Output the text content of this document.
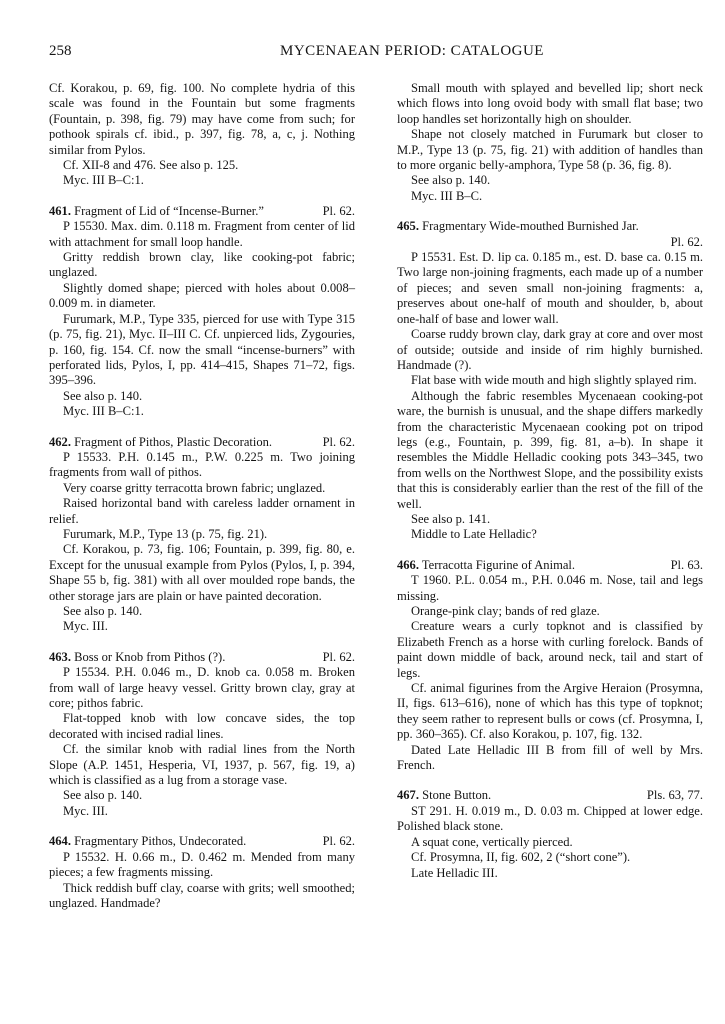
258	MYCENAEAN PERIOD: CATALOGUE

Cf. Korakou, p. 69, fig. 100. No complete hydria of this scale was found in the Fountain but some fragments (Fountain, p. 398, fig. 79) may have come from such; for pothook spirals cf. ibid., p. 397, fig. 78, a, c, j. Nothing similar from Pylos.

Cf. XII-8 and 476. See also p. 125.

Myc. III B–C:1.

461. Fragment of Lid of “Incense-Burner.”	Pl. 62.

P 15530. Max. dim. 0.118 m. Fragment from center of lid with attachment for small loop handle.

Gritty reddish brown clay, like cooking-pot fabric; unglazed.

Slightly domed shape; pierced with holes about 0.008–0.009 m. in diameter.

Furumark, M.P., Type 335, pierced for use with Type 315 (p. 75, fig. 21), Myc. II–III C. Cf. unpierced lids, Zygouries, p. 160, fig. 154. Cf. now the small “incense-burners” with perforated lids, Pylos, I, pp. 414–415, Shapes 71–72, figs. 395–396.

See also p. 140.

Myc. III B–C:1.

462. Fragment of Pithos, Plastic Decoration.	Pl. 62.

P 15533. P.H. 0.145 m., P.W. 0.225 m. Two joining fragments from wall of pithos.

Very coarse gritty terracotta brown fabric; unglazed.

Raised horizontal band with careless ladder ornament in relief.

Furumark, M.P., Type 13 (p. 75, fig. 21).

Cf. Korakou, p. 73, fig. 106; Fountain, p. 399, fig. 80, e. Except for the unusual example from Pylos (Pylos, I, p. 394, Shape 55 b, fig. 381) with all over moulded rope bands, the other storage jars are plain or have painted decoration.

See also p. 140.

Myc. III.

463. Boss or Knob from Pithos (?).	Pl. 62.

P 15534. P.H. 0.046 m., D. knob ca. 0.058 m. Broken from wall of large heavy vessel. Gritty brown clay, gray at core; pithos fabric.

Flat-topped knob with low concave sides, the top decorated with incised radial lines.

Cf. the similar knob with radial lines from the North Slope (A.P. 1451, Hesperia, VI, 1937, p. 567, fig. 19, a) which is classified as a lug from a storage vase.

See also p. 140.

Myc. III.

464. Fragmentary Pithos, Undecorated.	Pl. 62.

P 15532. H. 0.66 m., D. 0.462 m. Mended from many pieces; a few fragments missing.

Thick reddish buff clay, coarse with grits; well smoothed; unglazed. Handmade?

Small mouth with splayed and bevelled lip; short neck which flows into long ovoid body with small flat base; two loop handles set horizontally high on shoulder.

Shape not closely matched in Furumark but closer to M.P., Type 13 (p. 75, fig. 21) with addition of handles than to more organic belly-amphora, Type 58 (p. 36, fig. 8).

See also p. 140.

Myc. III B–C.

465. Fragmentary Wide-mouthed Burnished Jar.

Pl. 62.

P 15531. Est. D. lip ca. 0.185 m., est. D. base ca. 0.15 m. Two large non-joining fragments, each made up of a number of pieces; and seven small non-joining fragments: a, preserves about one-half of mouth and shoulder, b, about one-half of base and lower wall.

Coarse ruddy brown clay, dark gray at core and over most of outside; outside and inside of rim highly burnished. Handmade (?).

Flat base with wide mouth and high slightly splayed rim.

Although the fabric resembles Mycenaean cooking-pot ware, the burnish is unusual, and the shape differs markedly from the characteristic Mycenaean cooking pot on tripod legs (e.g., Fountain, p. 399, fig. 81, a–b). In shape it resembles the Middle Helladic cooking pots 343–345, two from wells on the Northwest Slope, and the possibility exists that this is considerably earlier than the rest of the fill of the well.

See also p. 141.

Middle to Late Helladic?

466. Terracotta Figurine of Animal.	Pl. 63.

T 1960. P.L. 0.054 m., P.H. 0.046 m. Nose, tail and legs missing.

Orange-pink clay; bands of red glaze.

Creature wears a curly topknot and is classified by Elizabeth French as a horse with curling forelock. Bands of paint down middle of back, around neck, tail and start of legs.

Cf. animal figurines from the Argive Heraion (Prosymna, II, figs. 613–616), none of which has this type of topknot; they seem rather to represent bulls or cows (cf. Prosymna, I, pp. 360–365). Cf. also Korakou, p. 107, fig. 132.

Dated Late Helladic III B from fill of well by Mrs. French.

467. Stone Button.	Pls. 63, 77.

ST 291. H. 0.019 m., D. 0.03 m. Chipped at lower edge. Polished black stone.

A squat cone, vertically pierced.

Cf. Prosymna, II, fig. 602, 2 (“short cone”).

Late Helladic III.
